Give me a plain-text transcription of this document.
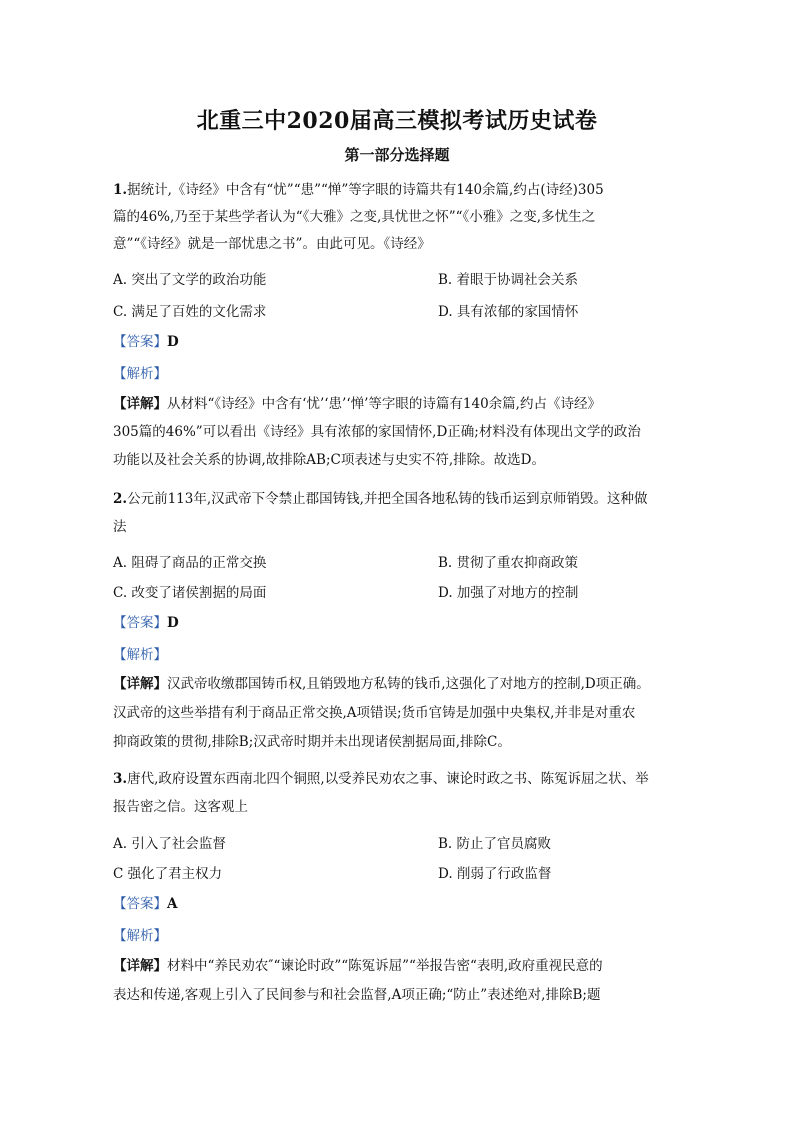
北重三中2020届高三模拟考试历史试卷
第一部分选择题
1.据统计,《诗经》中含有“忧”“患”“惮”等字眼的诗篇共有140余篇,约占(诗经)305
篇的46%,乃至于某些学者认为“《大雅》之变,具忧世之怀”“《小雅》之变,多忧生之
意”“《诗经》就是一部忧患之书”。由此可见。《诗经》
A. 突出了文学的政治功能	B. 着眼于协调社会关系
C. 满足了百姓的文化需求	D. 具有浓郁的家国情怀
【答案】D
【解析】
【详解】从材料“《诗经》中含有‘忧’‘患’‘惮’等字眼的诗篇有140余篇,约占《诗经》
305篇的46%”可以看出《诗经》具有浓郁的家国情怀,D正确;材料没有体现出文学的政治
功能以及社会关系的协调,故排除AB;C项表述与史实不符,排除。故选D。
2.公元前113年,汉武帝下令禁止郡国铸钱,并把全国各地私铸的钱币运到京师销毁。这种做
法
A. 阻碍了商品的正常交换	B. 贯彻了重农抑商政策
C. 改变了诸侯割据的局面	D. 加强了对地方的控制
【答案】D
【解析】
【详解】汉武帝收缴郡国铸币权,且销毁地方私铸的钱币,这强化了对地方的控制,D项正确。
汉武帝的这些举措有利于商品正常交换,A项错误;货币官铸是加强中央集权,并非是对重农
抑商政策的贯彻,排除B;汉武帝时期并未出现诸侯割据局面,排除C。
3.唐代,政府设置东西南北四个铜照,以受养民劝农之事、谏论时政之书、陈冤诉屈之状、举
报告密之信。这客观上
A. 引入了社会监督	B. 防止了官员腐败
C 强化了君主权力	D. 削弱了行政监督
【答案】A
【解析】
【详解】材料中“养民劝农″“谏论时政”“陈冤诉屈”“举报告密“表明,政府重视民意的
表达和传递,客观上引入了民间参与和社会监督,A项正确;“防止”表述绝对,排除B;题
